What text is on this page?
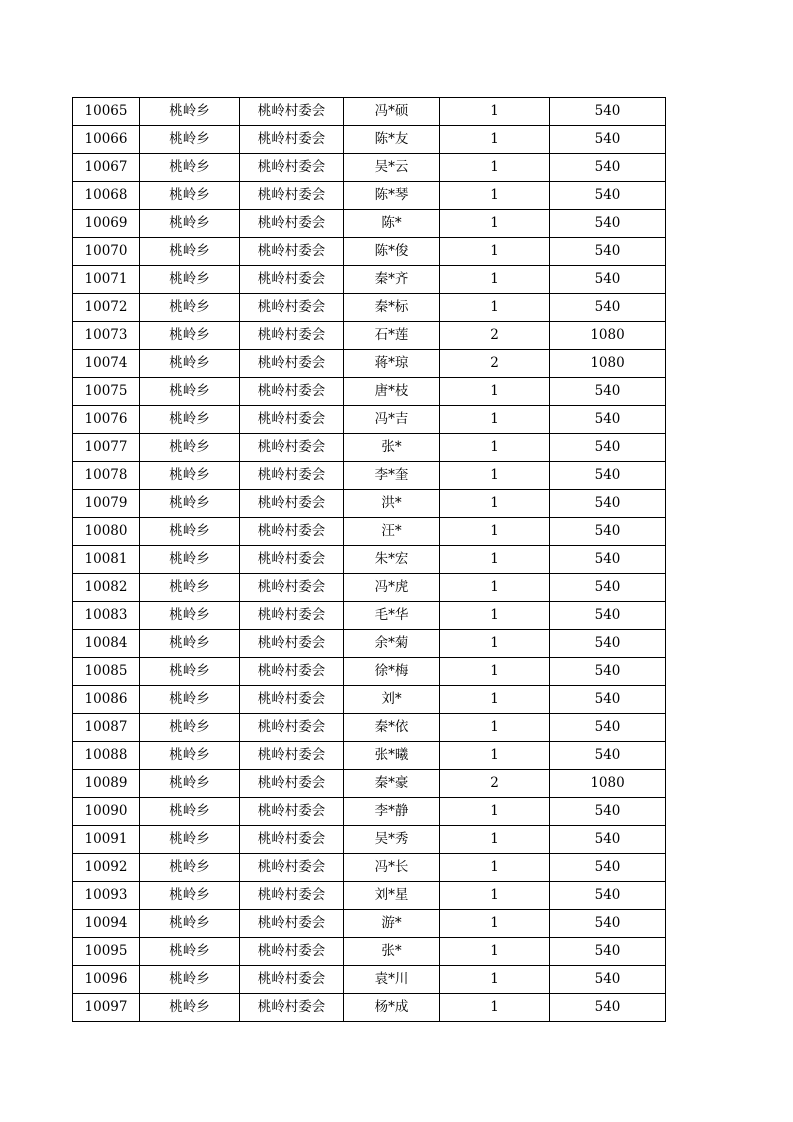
10065	桃岭乡	桃岭村委会	冯*硕	1	540
10066	桃岭乡	桃岭村委会	陈*友	1	540
10067	桃岭乡	桃岭村委会	吴*云	1	540
10068	桃岭乡	桃岭村委会	陈*琴	1	540
10069	桃岭乡	桃岭村委会	陈*	1	540
10070	桃岭乡	桃岭村委会	陈*俊	1	540
10071	桃岭乡	桃岭村委会	秦*齐	1	540
10072	桃岭乡	桃岭村委会	秦*标	1	540
10073	桃岭乡	桃岭村委会	石*莲	2	1080
10074	桃岭乡	桃岭村委会	蒋*琼	2	1080
10075	桃岭乡	桃岭村委会	唐*枝	1	540
10076	桃岭乡	桃岭村委会	冯*吉	1	540
10077	桃岭乡	桃岭村委会	张*	1	540
10078	桃岭乡	桃岭村委会	李*奎	1	540
10079	桃岭乡	桃岭村委会	洪*	1	540
10080	桃岭乡	桃岭村委会	汪*	1	540
10081	桃岭乡	桃岭村委会	朱*宏	1	540
10082	桃岭乡	桃岭村委会	冯*虎	1	540
10083	桃岭乡	桃岭村委会	毛*华	1	540
10084	桃岭乡	桃岭村委会	余*菊	1	540
10085	桃岭乡	桃岭村委会	徐*梅	1	540
10086	桃岭乡	桃岭村委会	刘*	1	540
10087	桃岭乡	桃岭村委会	秦*依	1	540
10088	桃岭乡	桃岭村委会	张*曦	1	540
10089	桃岭乡	桃岭村委会	秦*豪	2	1080
10090	桃岭乡	桃岭村委会	李*静	1	540
10091	桃岭乡	桃岭村委会	吴*秀	1	540
10092	桃岭乡	桃岭村委会	冯*长	1	540
10093	桃岭乡	桃岭村委会	刘*星	1	540
10094	桃岭乡	桃岭村委会	游*	1	540
10095	桃岭乡	桃岭村委会	张*	1	540
10096	桃岭乡	桃岭村委会	袁*川	1	540
10097	桃岭乡	桃岭村委会	杨*成	1	540
